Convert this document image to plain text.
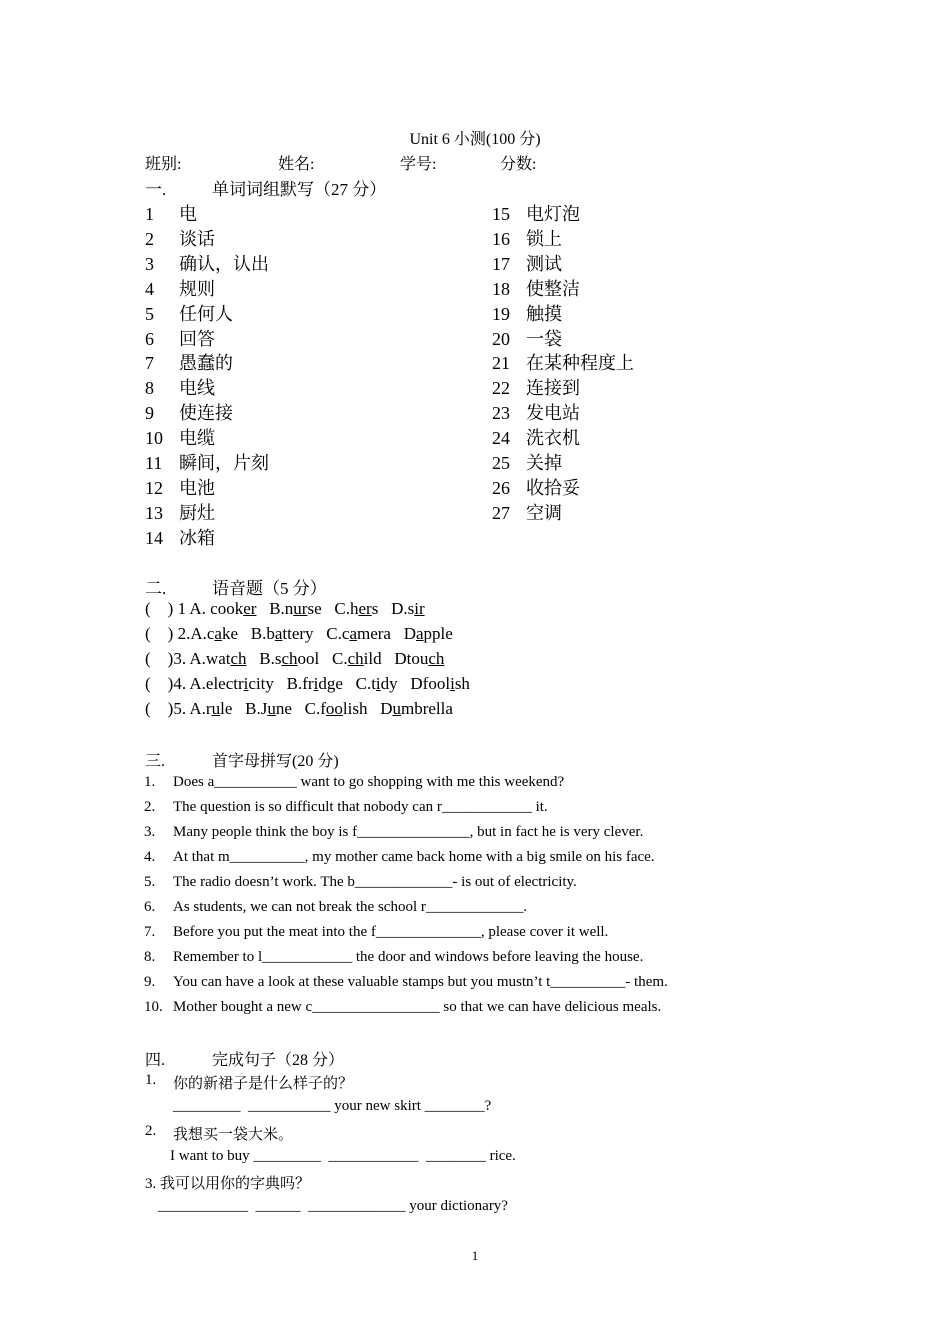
Unit 6 小测(100 分)
班别:	姓名:	学号:	分数:
一.	单词词组默写（27 分）
1 电
2 谈话
3 确认，认出
4 规则
5 任何人
6 回答
7 愚蠢的
8 电线
9 使连接
10 电缆
11 瞬间，片刻
12 电池
13 厨灶
14 冰箱
15 电灯泡
16 锁上
17 测试
18 使整洁
19 触摸
20 一袋
21 在某种程度上
22 连接到
23 发电站
24 洗衣机
25 关掉
26 收拾妥
27 空调
二.	语音题（5 分）
(    ) 1 A. cooker B.nurse C.hers D.sir
(    ) 2.A.cake B.battery C.camera Dapple
(    )3. A.watch B.school C.child Dtouch
(    )4. A.electricity B.fridge C.tidy Dfoolish
(    )5. A.rule B.June C.foolish Dumbrella
三.	首字母拼写(20 分)
1. Does a___________ want to go shopping with me this weekend?
2. The question is so difficult that nobody can r____________ it.
3. Many people think the boy is f_______________, but in fact he is very clever.
4. At that m__________, my mother came back home with a big smile on his face.
5. The radio doesn’t work. The b_____________- is out of electricity.
6. As students, we can not break the school r_____________.
7. Before you put the meat into the f______________, please cover it well.
8. Remember to l____________ the door and windows before leaving the house.
9. You can have a look at these valuable stamps but you mustn’t t__________- them.
10. Mother bought a new c_________________ so that we can have delicious meals.
四.	完成句子（28 分）
1. 你的新裙子是什么样子的？
_________  ___________ your new skirt ________?
2. 我想买一袋大米。
I want to buy _________  ____________  ________ rice.
3. 我可以用你的字典吗？
____________  ______  _____________ your dictionary?
1
